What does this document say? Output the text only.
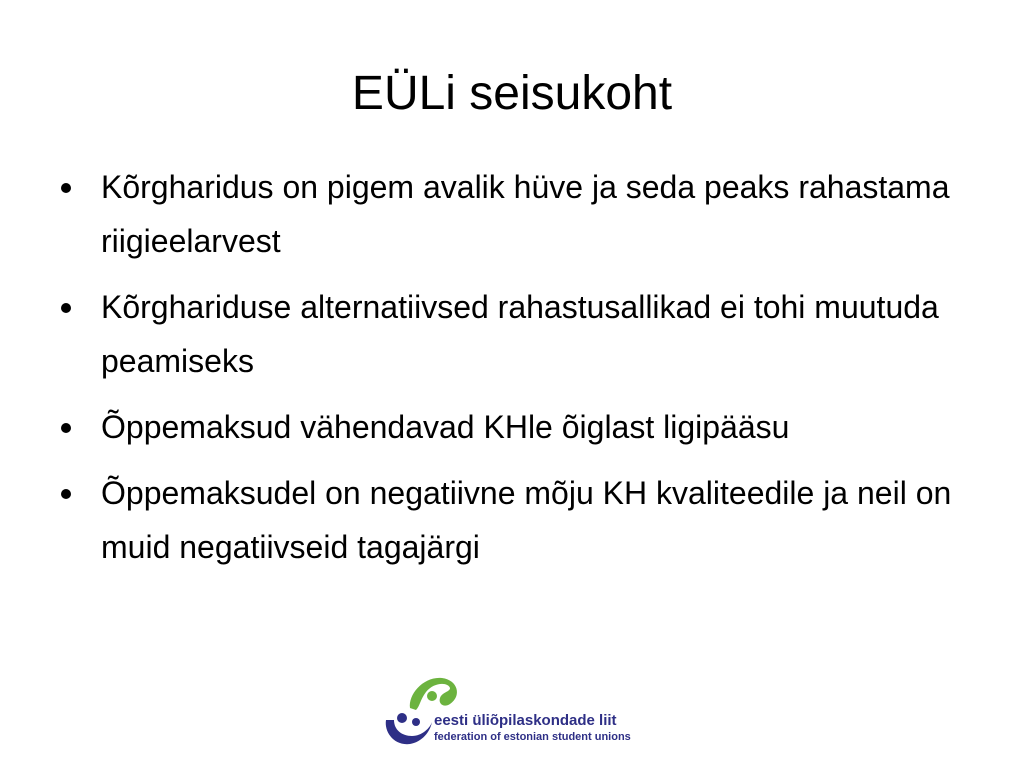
EÜLi seisukoht
Kõrgharidus on pigem avalik hüve ja seda peaks rahastama riigieelarvest
Kõrghariduse alternatiivsed rahastusallikad ei tohi muutuda peamiseks
Õppemaksud vähendavad KHle õiglast ligipääsu
Õppemaksudel on negatiivne mõju KH kvaliteedile ja neil on muid negatiivseid tagajärgi
eesti üliõpilaskondade liit
federation of estonian student unions
